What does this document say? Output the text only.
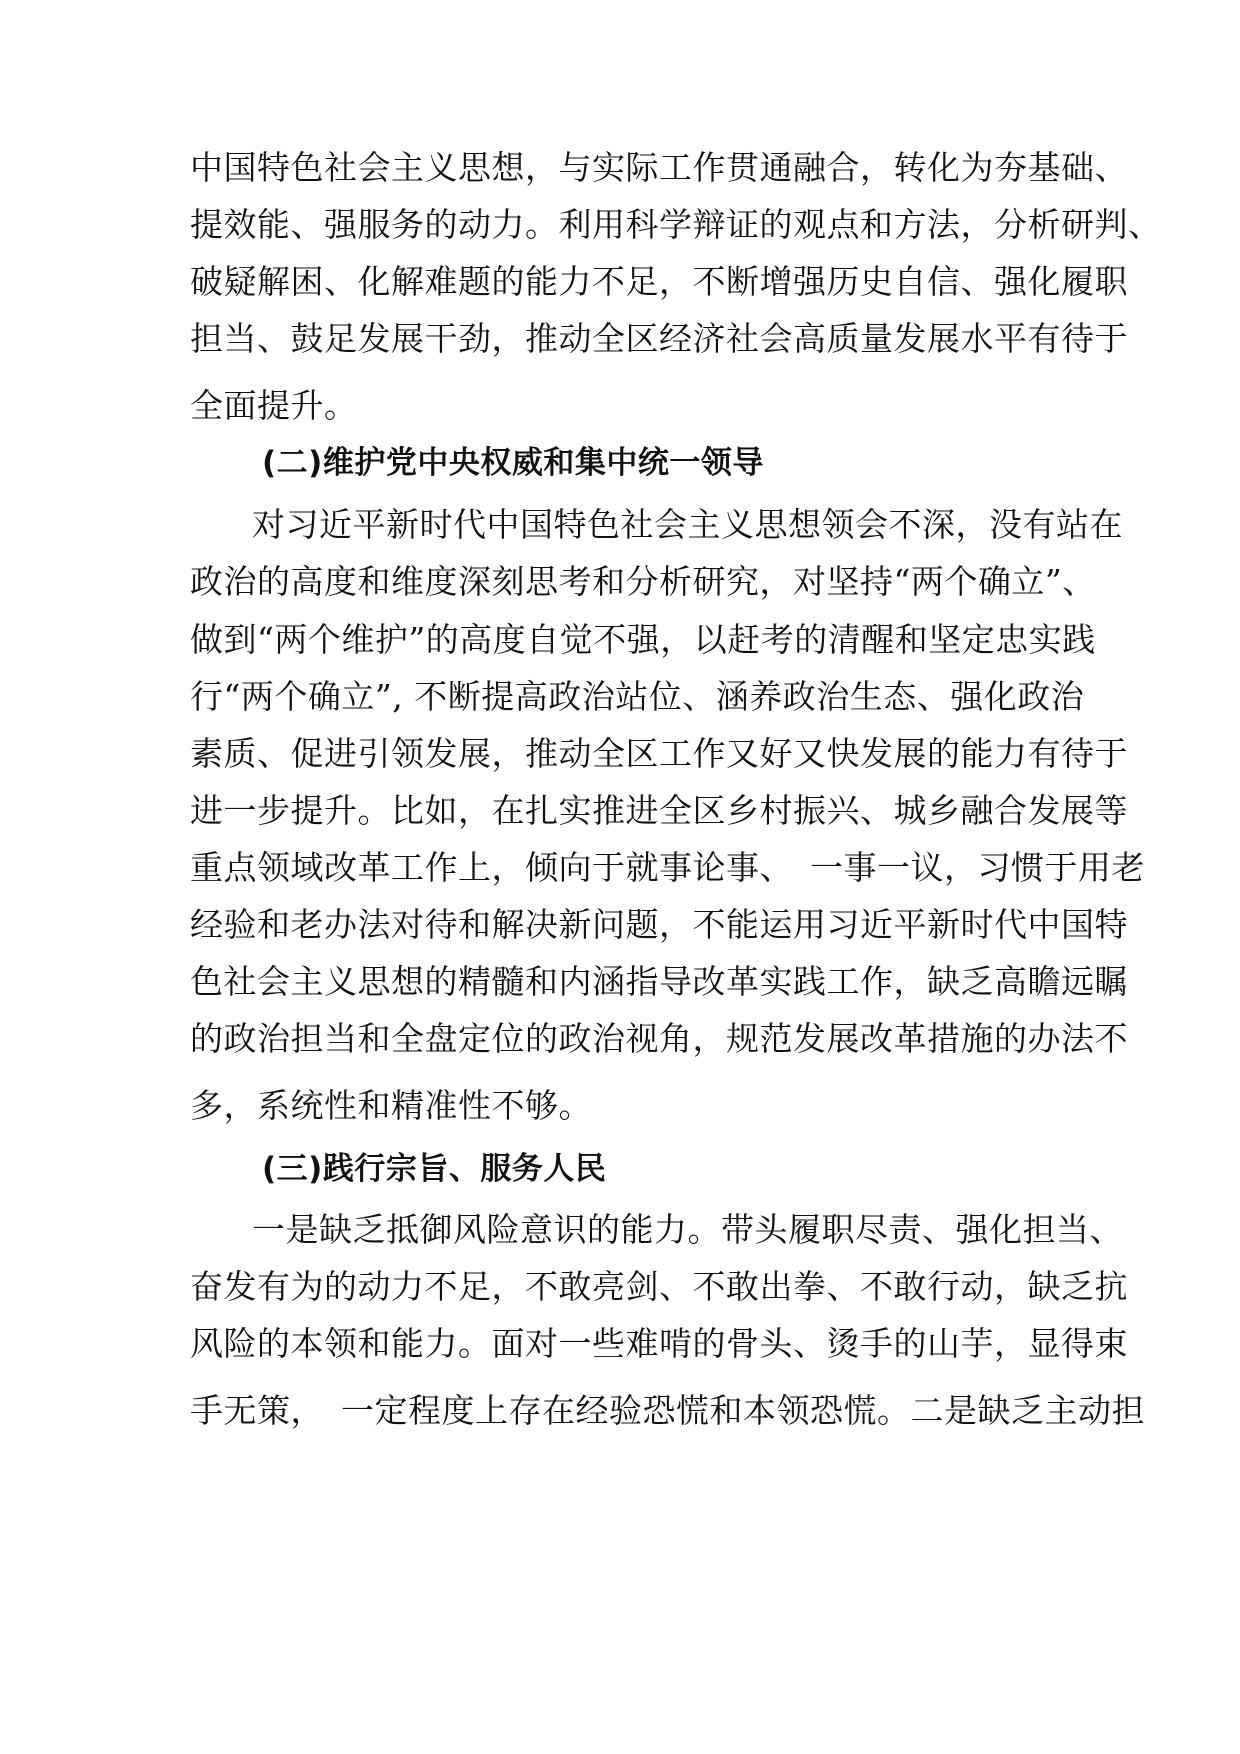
中国特色社会主义思想，与实际工作贯通融合，转化为夯基础、
提效能、强服务的动力。利用科学辩证的观点和方法，分析研判、
破疑解困、化解难题的能力不足，不断增强历史自信、强化履职
担当、鼓足发展干劲，推动全区经济社会高质量发展水平有待于
全面提升。
(二)维护党中央权威和集中统一领导
对习近平新时代中国特色社会主义思想领会不深，没有站在
政治的高度和维度深刻思考和分析研究，对坚持“两个确立”、
做到“两个维护”的高度自觉不强，以赶考的清醒和坚定忠实践
行“两个确立”, 不断提高政治站位、涵养政治生态、强化政治
素质、促进引领发展，推动全区工作又好又快发展的能力有待于
进一步提升。比如，在扎实推进全区乡村振兴、城乡融合发展等
重点领域改革工作上，倾向于就事论事、　一事一议，习惯于用老
经验和老办法对待和解决新问题，不能运用习近平新时代中国特
色社会主义思想的精髓和内涵指导改革实践工作，缺乏高瞻远瞩
的政治担当和全盘定位的政治视角，规范发展改革措施的办法不
多，系统性和精准性不够。
(三)践行宗旨、服务人民
一是缺乏抵御风险意识的能力。带头履职尽责、强化担当、
奋发有为的动力不足，不敢亮剑、不敢出拳、不敢行动，缺乏抗
风险的本领和能力。面对一些难啃的骨头、烫手的山芋，显得束
手无策，　一定程度上存在经验恐慌和本领恐慌。二是缺乏主动担
